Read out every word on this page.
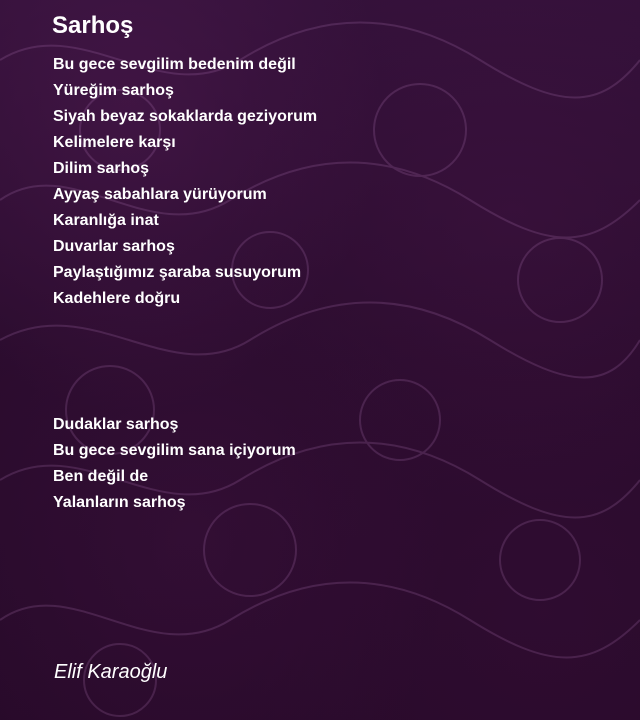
Sarhoş
Bu gece sevgilim bedenim değil
Yüreğim sarhoş
Siyah beyaz sokaklarda geziyorum
Kelimelere karşı
Dilim sarhoş
Ayyaş sabahlara yürüyorum
Karanlığa inat
Duvarlar sarhoş
Paylaştığımız şaraba susuyorum
Kadehlere doğru
Dudaklar sarhoş
Bu gece sevgilim sana içiyorum
Ben değil de
Yalanların sarhoş

Elif Karaoğlu
